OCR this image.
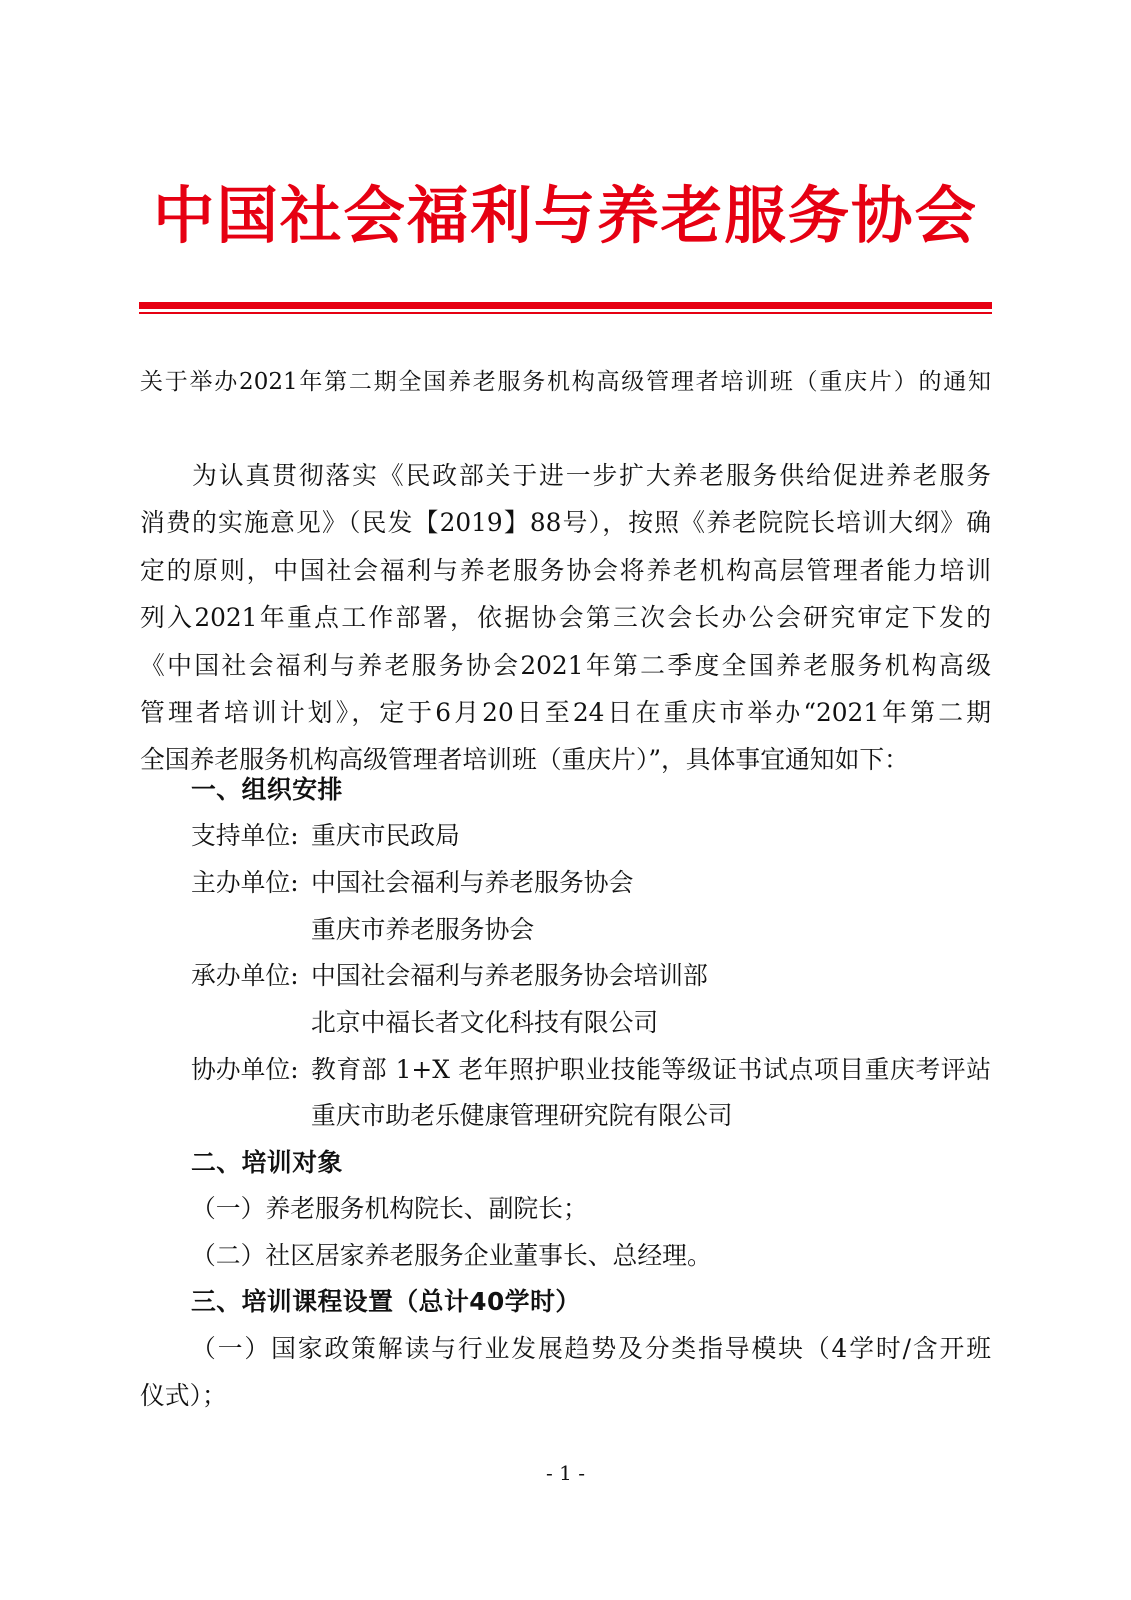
中国社会福利与养老服务协会
关于举办2021年第二期全国养老服务机构高级管理者培训班（重庆片）的通知
为认真贯彻落实《民政部关于进一步扩大养老服务供给促进养老服务
消费的实施意见》（民发【2019】88号），按照《养老院院长培训大纲》确
定的原则，中国社会福利与养老服务协会将养老机构高层管理者能力培训
列入2021年重点工作部署，依据协会第三次会长办公会研究审定下发的
《中国社会福利与养老服务协会2021年第二季度全国养老服务机构高级
管理者培训计划》，定于6月20日至24日在重庆市举办“2021年第二期
全国养老服务机构高级管理者培训班（重庆片）”，具体事宜通知如下：
一、组织安排
支持单位: 重庆市民政局
主办单位: 中国社会福利与养老服务协会
重庆市养老服务协会
承办单位: 中国社会福利与养老服务协会培训部
北京中福长者文化科技有限公司
协办单位: 教育部 1+X 老年照护职业技能等级证书试点项目重庆考评站
重庆市助老乐健康管理研究院有限公司
二、培训对象
（一）养老服务机构院长、副院长；
（二）社区居家养老服务企业董事长、总经理。
三、培训课程设置（总计40学时）
（一）国家政策解读与行业发展趋势及分类指导模块（4学时/含开班
仪式）；
- 1 -
